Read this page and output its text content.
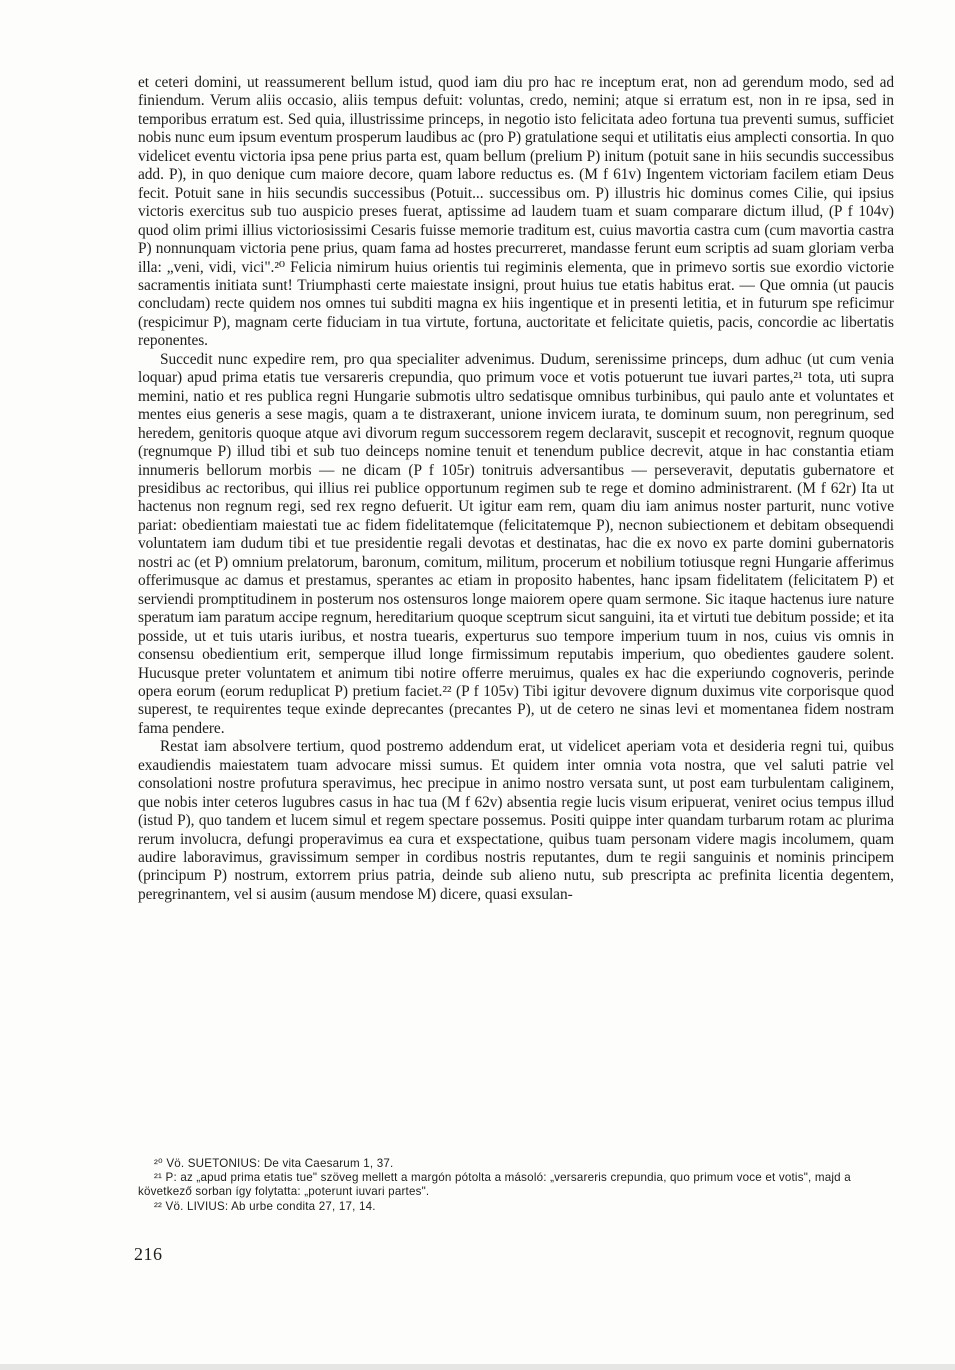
et ceteri domini, ut reassumerent bellum istud, quod iam diu pro hac re inceptum erat, non ad gerendum modo, sed ad finiendum. Verum aliis occasio, aliis tempus defuit: voluntas, credo, nemini; atque si erratum est, non in re ipsa, sed in temporibus erratum est. Sed quia, illustrissime princeps, in negotio isto felicitata adeo fortuna tua preventi sumus, sufficiet nobis nunc eum ipsum eventum prosperum laudibus ac (pro P) gratulatione sequi et utilitatis eius amplecti consortia. In quo videlicet eventu victoria ipsa pene prius parta est, quam bellum (prelium P) initum (potuit sane in hiis secundis successibus add. P), in quo denique cum maiore decore, quam labore reductus es. (M f 61v) Ingentem victoriam facilem etiam Deus fecit. Potuit sane in hiis secundis successibus (Potuit... successibus om. P) illustris hic dominus comes Cilie, qui ipsius victoris exercitus sub tuo auspicio preses fuerat, aptissime ad laudem tuam et suam comparare dictum illud, (P f 104v) quod olim primi illius victoriosissimi Cesaris fuisse memorie traditum est, cuius mavortia castra cum (cum mavortia castra P) nonnunquam victoria pene prius, quam fama ad hostes precurreret, mandasse ferunt eum scriptis ad suam gloriam verba illa: „veni, vidi, vici".²⁰ Felicia nimirum huius orientis tui regiminis elementa, que in primevo sortis sue exordio victorie sacramentis initiata sunt! Triumphasti certe maiestate insigni, prout huius tue etatis habitus erat. — Que omnia (ut paucis concludam) recte quidem nos omnes tui subditi magna ex hiis ingentique et in presenti letitia, et in futurum spe reficimur (respicimur P), magnam certe fiduciam in tua virtute, fortuna, auctoritate et felicitate quietis, pacis, concordie ac libertatis reponentes.

Succedit nunc expedire rem, pro qua specialiter advenimus. Dudum, serenissime princeps, dum adhuc (ut cum venia loquar) apud prima etatis tue versareris crepundia, quo primum voce et votis potuerunt tue iuvari partes,²¹ tota, uti supra memini, natio et res publica regni Hungarie submotis ultro sedatisque omnibus turbinibus, qui paulo ante et voluntates et mentes eius generis a sese magis, quam a te distraxerant, unione invicem iurata, te dominum suum, non peregrinum, sed heredem, genitoris quoque atque avi divorum regum successorem regem declaravit, suscepit et recognovit, regnum quoque (regnumque P) illud tibi et sub tuo deinceps nomine tenuit et tenendum publice decrevit, atque in hac constantia etiam innumeris bellorum morbis — ne dicam (P f 105r) tonitruis adversantibus — perseveravit, deputatis gubernatore et presidibus ac rectoribus, qui illius rei publice opportunum regimen sub te rege et domino administrarent. (M f 62r) Ita ut hactenus non regnum regi, sed rex regno defuerit. Ut igitur eam rem, quam diu iam animus noster parturit, nunc votive pariat: obedientiam maiestati tue ac fidem fidelitatemque (felicitatemque P), necnon subiectionem et debitam obsequendi voluntatem iam dudum tibi et tue presidentie regali devotas et destinatas, hac die ex novo ex parte domini gubernatoris nostri ac (et P) omnium prelatorum, baronum, comitum, militum, procerum et nobilium totiusque regni Hungarie afferimus offerimusque ac damus et prestamus, sperantes ac etiam in proposito habentes, hanc ipsam fidelitatem (felicitatem P) et serviendi promptitudinem in posterum nos ostensuros longe maiorem opere quam sermone. Sic itaque hactenus iure nature speratum iam paratum accipe regnum, hereditarium quoque sceptrum sicut sanguini, ita et virtuti tue debitum posside; et ita posside, ut et tuis utaris iuribus, et nostra tuearis, experturus suo tempore imperium tuum in nos, cuius vis omnis in consensu obedientium erit, semperque illud longe firmissimum reputabis imperium, quo obedientes gaudere solent. Hucusque preter voluntatem et animum tibi notire offerre meruimus, quales ex hac die experiundo cognoveris, perinde opera eorum (eorum reduplicat P) pretium faciet.²² (P f 105v) Tibi igitur devovere dignum duximus vite corporisque quod superest, te requirentes teque exinde deprecantes (precantes P), ut de cetero ne sinas levi et momentanea fidem nostram fama pendere.

Restat iam absolvere tertium, quod postremo addendum erat, ut videlicet aperiam vota et desideria regni tui, quibus exaudiendis maiestatem tuam advocare missi sumus. Et quidem inter omnia vota nostra, que vel saluti patrie vel consolationi nostre profutura speravimus, hec precipue in animo nostro versata sunt, ut post eam turbulentam caliginem, que nobis inter ceteros lugubres casus in hac tua (M f 62v) absentia regie lucis visum eripuerat, veniret ocius tempus illud (istud P), quo tandem et lucem simul et regem spectare possemus. Positi quippe inter quandam turbarum rotam ac plurima rerum involucra, defungi properavimus ea cura et exspectatione, quibus tuam personam videre magis incolumem, quam audire laboravimus, gravissimum semper in cordibus nostris reputantes, dum te regii sanguinis et nominis principem (principum P) nostrum, extorrem prius patria, deinde sub alieno nutu, sub prescripta ac prefinita licentia degentem, peregrinantem, vel si ausim (ausum mendose M) dicere, quasi exsulan-

²⁰ Vö. SUETONIUS: De vita Caesarum 1, 37.

²¹ P: az „apud prima etatis tue" szöveg mellett a margón pótolta a másoló: „versareris crepundia, quo primum voce et votis", majd a következő sorban így folytatta: „poterunt iuvari partes".

²² Vö. LIVIUS: Ab urbe condita 27, 17, 14.

216
